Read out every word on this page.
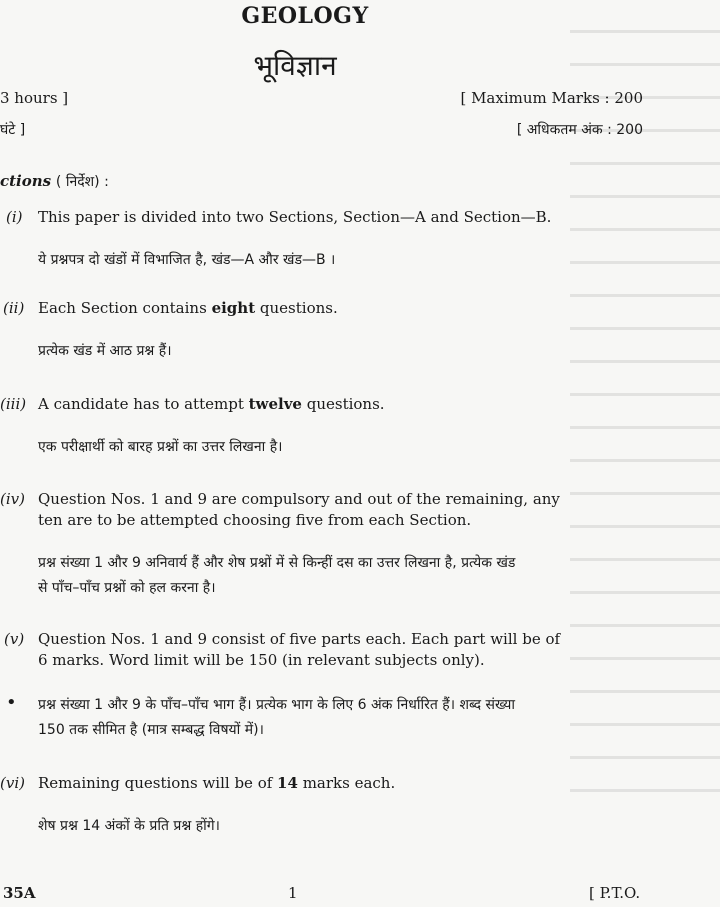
GEOLOGY
भूविज्ञान
3 hours ]	[ Maximum Marks : 200
घंटे ]	[ अधिकतम अंक : 200
ctions ( निर्देश) :
(i) This paper is divided into two Sections, Section—A and Section—B.
ये प्रश्नपत्र दो खंडों में विभाजित है, खंड—A और खंड—B ।
(ii) Each Section contains eight questions.
प्रत्येक खंड में आठ प्रश्न हैं।
(iii) A candidate has to attempt twelve questions.
एक परीक्षार्थी को बारह प्रश्नों का उत्तर लिखना है।
(iv) Question Nos. 1 and 9 are compulsory and out of the remaining, any
ten are to be attempted choosing five from each Section.
प्रश्न संख्या 1 और 9 अनिवार्य हैं और शेष प्रश्नों में से किन्हीं दस का उत्तर लिखना है, प्रत्येक खंड
से पाँच–पाँच प्रश्नों को हल करना है।
(v) Question Nos. 1 and 9 consist of five parts each. Each part will be of
6 marks. Word limit will be 150 (in relevant subjects only).
• प्रश्न संख्या 1 और 9 के पाँच–पाँच भाग हैं। प्रत्येक भाग के लिए 6 अंक निर्धारित हैं। शब्द संख्या
150 तक सीमित है (मात्र सम्बद्ध विषयों में)।
(vi) Remaining questions will be of 14 marks each.
शेष प्रश्न 14 अंकों के प्रति प्रश्न होंगे।
35A	1	[ P.T.O.
